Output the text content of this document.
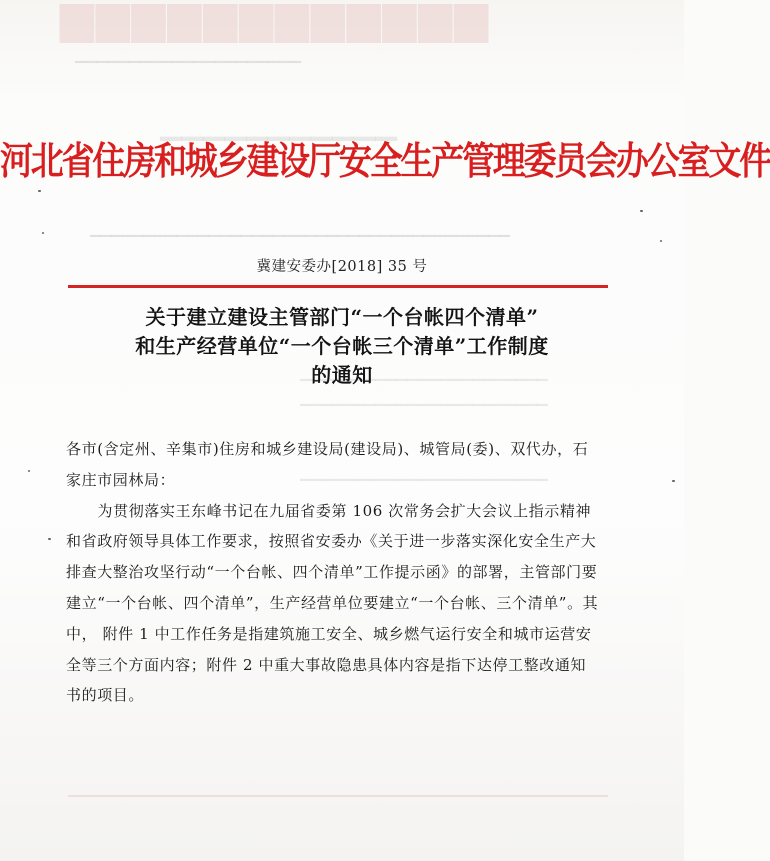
▆▆▆▆▆▆▆▆▆▆▆▆
▔▔▔▔▔▔▔▔▔▔▔▔▔▔▔▔▔▔▔▔▔
▁▁▁▁▁▁▁▁▁▁▁
▔▔▔▔▔▔▔▔▔▔▔▔▔▔▔▔▔▔▔▔▔▔▔▔▔▔▔▔▔▔▔▔▔▔▔▔▔▔▔
▔▔▔▔▔▔▔▔▔▔▔▔▔▔▔▔▔▔▔▔▔▔▔
▔▔▔▔▔▔▔▔▔▔▔▔▔▔▔▔▔▔▔▔▔▔▔
▔▔▔▔▔▔▔▔▔▔▔▔▔▔▔▔▔▔▔▔▔▔▔
河北省住房和城乡建设厅安全生产管理委员会办公室文件
冀建安委办[2018] 35 号
关于建立建设主管部门“一个台帐四个清单”
和生产经营单位“一个台帐三个清单”工作制度
的通知

各市(含定州、辛集市)住房和城乡建设局(建设局)、城管局(委)、双代办，石家庄市园林局：

为贯彻落实王东峰书记在九届省委第 106 次常务会扩大会议上指示精神和省政府领导具体工作要求，按照省安委办《关于进一步落实深化安全生产大排查大整治攻坚行动“一个台帐、四个清单”工作提示函》的部署，主管部门要建立“一个台帐、四个清单”，生产经营单位要建立“一个台帐、三个清单”。其中， 附件 1 中工作任务是指建筑施工安全、城乡燃气运行安全和城市运营安全等三个方面内容；附件 2 中重大事故隐患具体内容是指下达停工整改通知书的项目。
